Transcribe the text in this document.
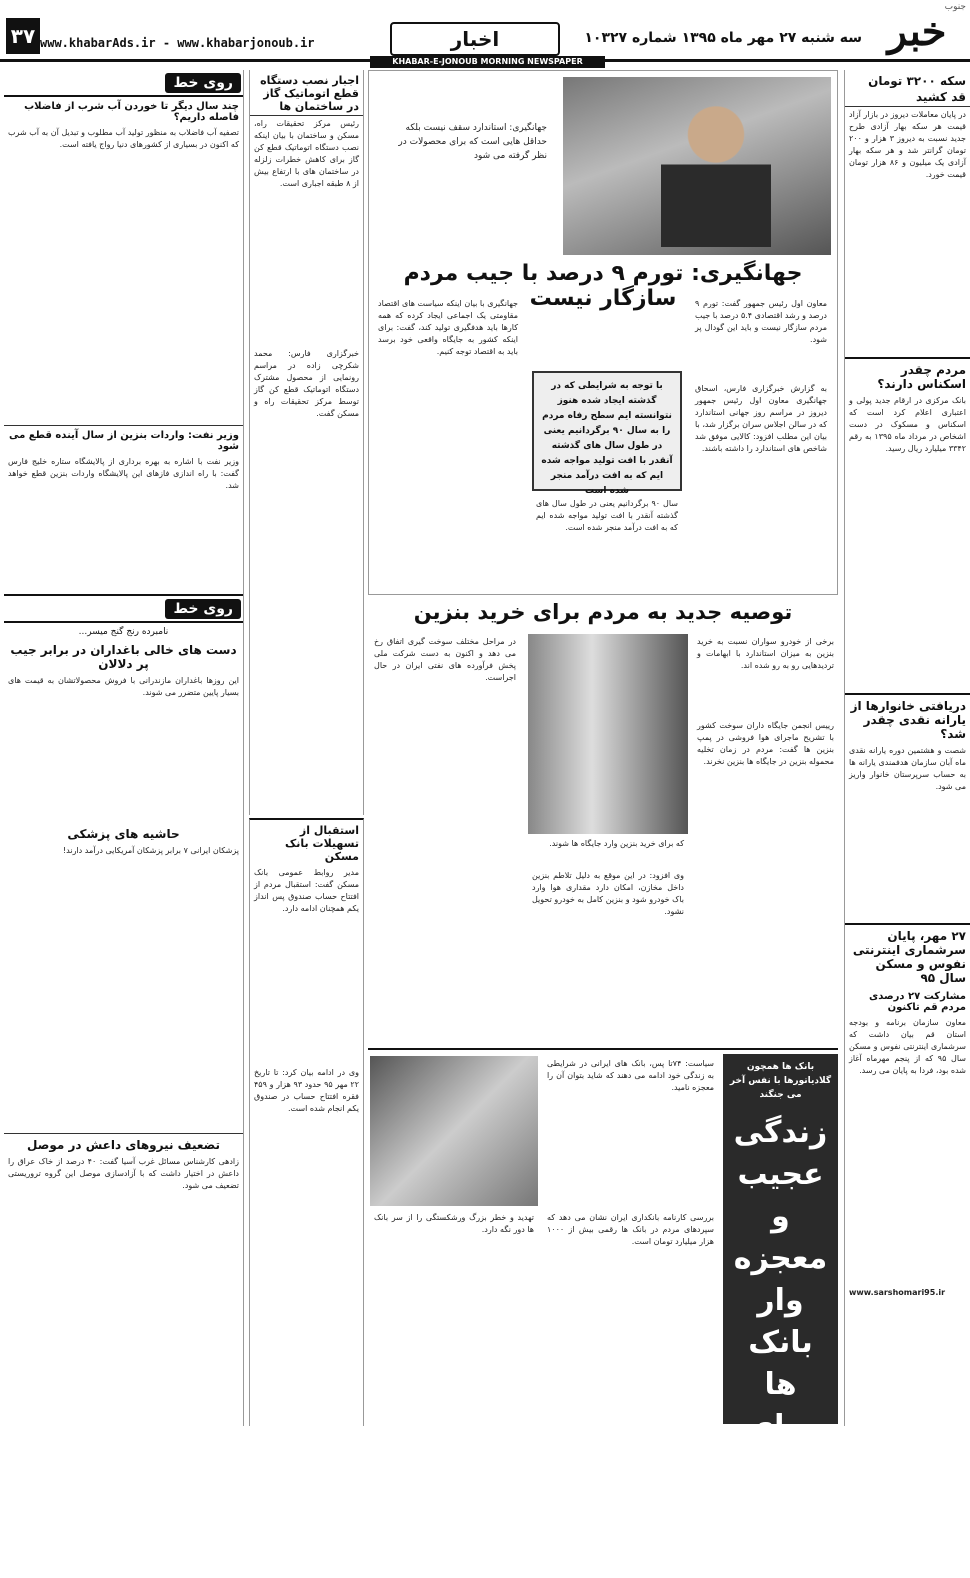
خبر
جنوب
سه شنبه ۲۷ مهر ماه ۱۳۹۵ شماره ۱۰۳۲۷
اخبار
www.khabarAds.ir - www.khabarjonoub.ir
۳۷
KHABAR-E-JONOUB MORNING NEWSPAPER
سکه ۳۲۰۰ تومان
قد کشید
در پایان معاملات دیروز در بازار آزاد قیمت هر سکه بهار آزادی طرح جدید نسبت به دیروز ۳ هزار و ۲۰۰ تومان گرانتر شد و هر سکه بهار آزادی یک میلیون و ۸۶ هزار تومان قیمت خورد.
مردم چقدر اسکناس دارند؟
بانک مرکزی در ارقام جدید پولی و اعتباری اعلام کرد است که اسکناس و مسکوک در دست اشخاص در مرداد ماه ۱۳۹۵ به رقم ۳۳۴۲ میلیارد ریال رسید.
دریافتی خانوارها از یارانه نقدی چقدر شد؟
شصت و هشتمین دوره یارانه نقدی ماه آبان سازمان هدفمندی یارانه ها به حساب سرپرستان خانوار واریز می شود.
۲۷ مهر، پایان سرشماری اینترنتی نفوس و مسکن سال ۹۵
مشارکت ۲۷ درصدی مردم قم تاکنون
معاون سازمان برنامه و بودجه استان قم بیان داشت که سرشماری اینترنتی نفوس و مسکن سال ۹۵ که از پنجم مهرماه آغاز شده بود، فردا به پایان می رسد.
www.sarshomari95.ir
جهانگیری: استاندارد سقف نیست بلکه حداقل هایی است که برای محصولات در نظر گرفته می شود
جهانگیری: تورم ۹ درصد با جیب مردم سازگار نیست	معاون اول رئیس جمهور گفت: تورم ۹ درصد و رشد اقتصادی ۵.۴ درصد با جیب مردم سازگار نیست و باید این گودال پر شود.
به گزارش خبرگزاری فارس، اسحاق جهانگیری معاون اول رئیس جمهور دیروز در مراسم روز جهانی استاندارد که در سالن اجلاس سران برگزار شد، با بیان این مطلب افزود: کالایی موفق شد شاخص های استاندارد را داشته باشند.
با توجه به شرایطی که در گذشته ایجاد شده هنوز نتوانسته ایم سطح رفاه مردم را به سال ۹۰ برگردانیم یعنی در طول سال های گذشته آنقدر با افت تولید مواجه شده ایم که به افت درآمد منجر شده است
سال ۹۰ برگردانیم یعنی در طول سال های گذشته آنقدر با افت تولید مواجه شده ایم که به افت درآمد منجر شده است.
جهانگیری با بیان اینکه سیاست های اقتصاد مقاومتی یک اجماعی ایجاد کرده که همه کارها باید هدفگیری تولید کند، گفت: برای اینکه کشور به جایگاه واقعی خود برسد باید به اقتصاد توجه کنیم.
اجبار نصب دستگاه قطع اتوماتیک گاز در ساختمان ها
رئیس مرکز تحقیقات راه، مسکن و ساختمان با بیان اینکه نصب دستگاه اتوماتیک قطع کن گاز برای کاهش خطرات زلزله در ساختمان های با ارتفاع بیش از ۸ طبقه اجباری است.
خبرگزاری فارس: محمد شکرچی زاده در مراسم رونمایی از محصول مشترک دستگاه اتوماتیک قطع کن گاز توسط مرکز تحقیقات راه و مسکن گفت.
استقبال از تسهیلات بانک مسکن
مدیر روابط عمومی بانک مسکن گفت: استقبال مردم از افتتاح حساب صندوق پس انداز یکم همچنان ادامه دارد.
وی در ادامه بیان کرد: تا تاریخ ۲۲ مهر ۹۵ حدود ۹۳ هزار و ۴۵۹ فقره افتتاح حساب در صندوق یکم انجام شده است.
توصیه جدید به مردم برای خرید بنزین
برخی از خودرو سواران نسبت به خرید بنزین به میزان استاندارد با ابهامات و تردیدهایی رو به رو شده اند.
رییس انجمن جایگاه داران سوخت کشور با تشریح ماجرای هوا فروشی در پمپ بنزین ها گفت: مردم در زمان تخلیه محموله بنزین در جایگاه ها بنزین نخرند.
که برای خرید بنزین وارد جایگاه ها شوند.
وی افزود: در این موقع به دلیل تلاطم بنزین داخل مخازن، امکان دارد مقداری هوا وارد باک خودرو شود و بنزین کامل به خودرو تحویل نشود.
در مراحل مختلف سوخت گیری اتفاق رخ می دهد و اکنون به دست شرکت ملی پخش فرآورده های نفتی ایران در حال اجراست.
بانک ها همچون گلادیاتورها با نفس آخر می جنگند
زندگی عجیب و معجزه وار بانک ها برای عدم اعلام ورشکستگی
سیاست: ۷۴تا پس، بانک های ایرانی در شرایطی به زندگی خود ادامه می دهند که شاید بتوان آن را معجزه نامید.
تهدید و خطر بزرگ ورشکستگی را از سر بانک ها دور نگه دارد.
بررسی کارنامه بانکداری ایران نشان می دهد که سپردهای مردم در بانک ها رقمی بیش از ۱۰۰۰ هزار میلیارد تومان است.
روی خط
چند سال دیگر تا خوردن آب شرب از فاضلاب فاصله داریم؟
تصفیه آب فاضلاب به منظور تولید آب مطلوب و تبدیل آن به آب شرب که اکنون در بسیاری از کشورهای دنیا رواج یافته است.
وزیر نفت: واردات بنزین از سال آینده قطع می شود
وزیر نفت با اشاره به بهره برداری از پالایشگاه ستاره خلیج فارس گفت: با راه اندازی فازهای این پالایشگاه واردات بنزین قطع خواهد شد.
روی خط
نامبرده رنج گنج میسر...
دست های خالی باغداران در برابر جیب پر دلالان
این روزها باغداران مازندرانی با فروش محصولاتشان به قیمت های بسیار پایین متضرر می شوند.
حاشیه های پزشکی
پزشکان ایرانی ۷ برابر پزشکان آمریکایی درآمد دارند!
تضعیف نیروهای داعش در موصل
زادهی کارشناس مسائل غرب آسیا گفت: ۴۰ درصد از خاک عراق را داعش در اختیار داشت که با آزادسازی موصل این گروه تروریستی تضعیف می شود.
